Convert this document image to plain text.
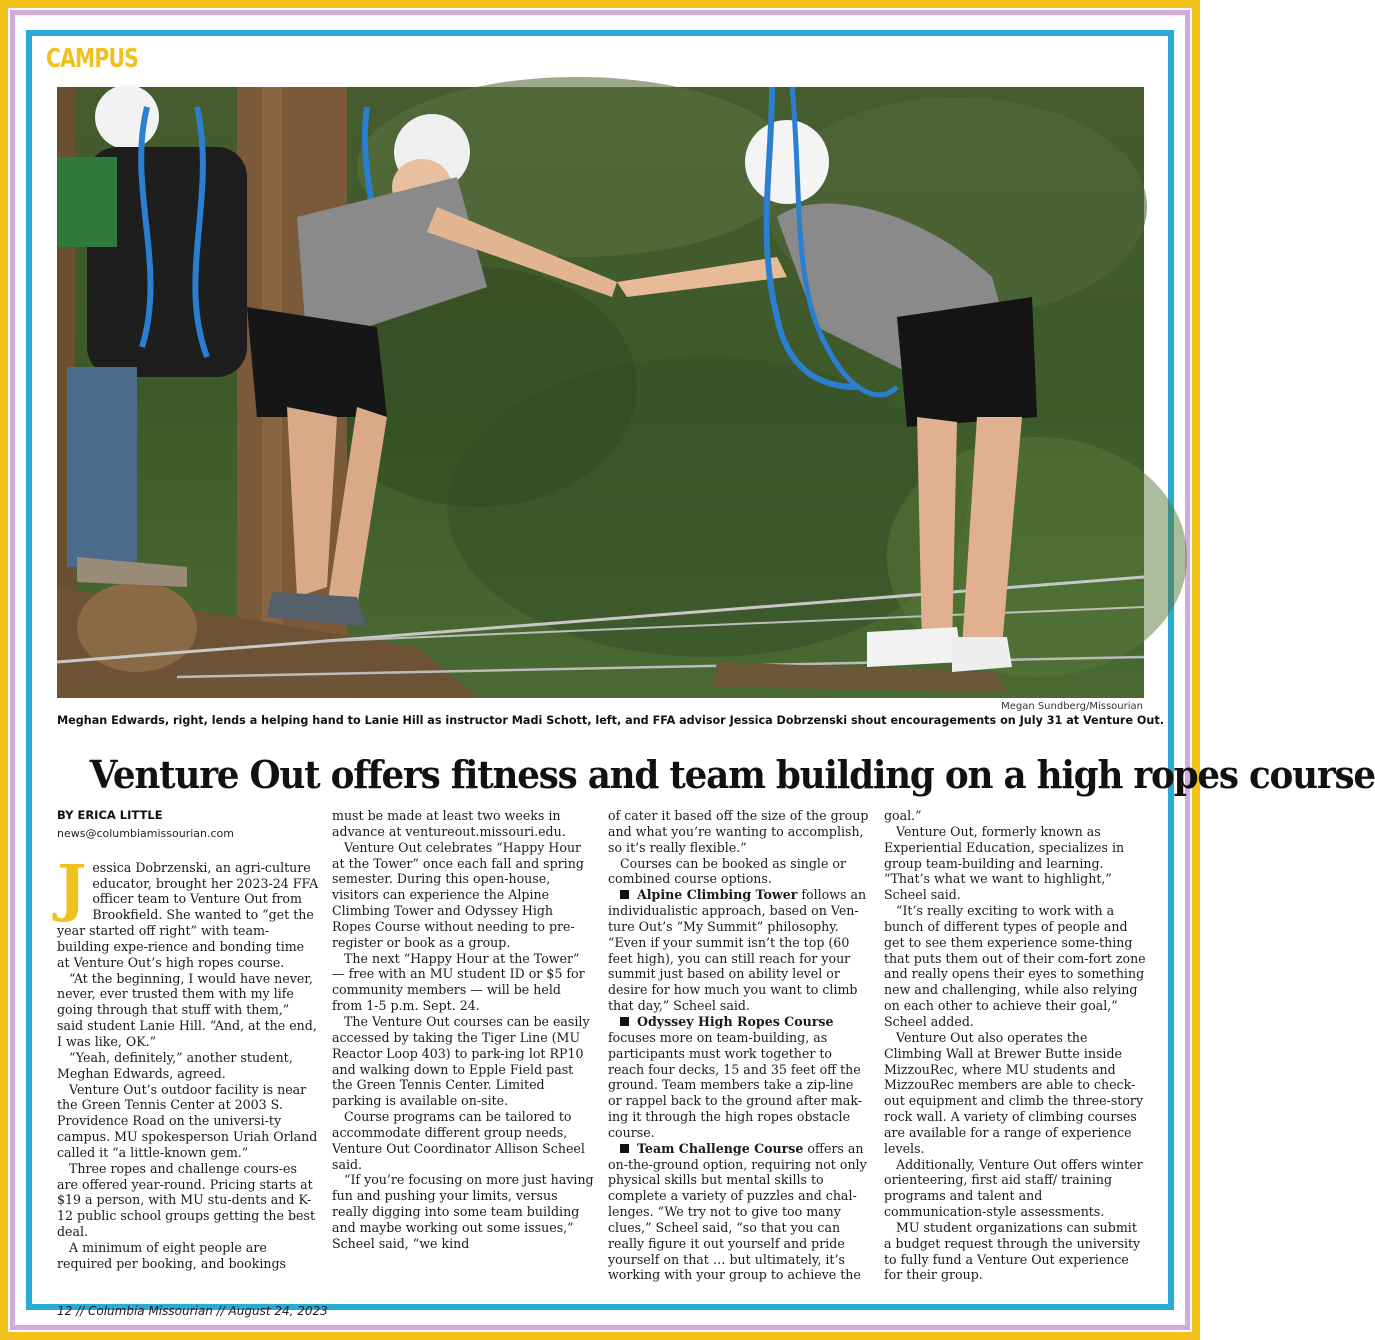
CAMPUS
Megan Sundberg/Missourian
Meghan Edwards, right, lends a helping hand to Lanie Hill as instructor Madi Schott, left, and FFA advisor Jessica Dobrzenski shout encouragements on July 31 at Venture Out.
Venture Out offers fitness and team building on a high ropes course
BY ERICA LITTLE
news@columbiamissourian.com

Jessica Dobrzenski, an agri-culture educator, brought her 2023-24 FFA officer team to Venture Out from Brookfield. She wanted to “get the year started off right” with team-building expe-rience and bonding time at Venture Out’s high ropes course.

“At the beginning, I would have never, never, ever trusted them with my life going through that stuff with them,” said student Lanie Hill. “And, at the end, I was like, OK.”

“Yeah, definitely,” another student, Meghan Edwards, agreed.

Venture Out’s outdoor facility is near the Green Tennis Center at 2003 S. Providence Road on the universi-ty campus. MU spokesperson Uriah Orland called it “a little-known gem.”

Three ropes and challenge cours-es are offered year-round. Pricing starts at $19 a person, with MU stu-dents and K-12 public school groups getting the best deal.

A minimum of eight people are required per booking, and bookings

must be made at least two weeks in advance at ventureout.missouri.edu.

Venture Out celebrates “Happy Hour at the Tower” once each fall and spring semester. During this open-house, visitors can experience the Alpine Climbing Tower and Odyssey High Ropes Course without needing to pre-register or book as a group.

The next “Happy Hour at the Tower” — free with an MU student ID or $5 for community members — will be held from 1-5 p.m. Sept. 24.

The Venture Out courses can be easily accessed by taking the Tiger Line (MU Reactor Loop 403) to park-ing lot RP10 and walking down to Epple Field past the Green Tennis Center. Limited parking is available on-site.

Course programs can be tailored to accommodate different group needs, Venture Out Coordinator Allison Scheel said.

“If you’re focusing on more just having fun and pushing your limits, versus really digging into some team building and maybe working out some issues,” Scheel said, “we kind

of cater it based off the size of the group and what you’re wanting to accomplish, so it’s really flexible.”

Courses can be booked as single or combined course options.

Alpine Climbing Tower follows an individualistic approach, based on Ven-ture Out’s “My Summit” philosophy. “Even if your summit isn’t the top (60 feet high), you can still reach for your summit just based on ability level or desire for how much you want to climb that day,” Scheel said.

Odyssey High Ropes Course focuses more on team-building, as participants must work together to reach four decks, 15 and 35 feet off the ground. Team members take a zip-line or rappel back to the ground after mak-ing it through the high ropes obstacle course.

Team Challenge Course offers an on-the-ground option, requiring not only physical skills but mental skills to complete a variety of puzzles and chal-lenges. “We try not to give too many clues,” Scheel said, “so that you can really figure it out yourself and pride yourself on that … but ultimately, it’s working with your group to achieve the

goal.”

Venture Out, formerly known as Experiential Education, specializes in group team-building and learning. “That’s what we want to highlight,” Scheel said.

“It’s really exciting to work with a bunch of different types of people and get to see them experience some-thing that puts them out of their com-fort zone and really opens their eyes to something new and challenging, while also relying on each other to achieve their goal,” Scheel added.

Venture Out also operates the Climbing Wall at Brewer Butte inside MizzouRec, where MU students and MizzouRec members are able to check-out equipment and climb the three-story rock wall. A variety of climbing courses are available for a range of experience levels.

Additionally, Venture Out offers winter orienteering, first aid staff/ training programs and talent and communication-style assessments.

MU student organizations can submit a budget request through the university to fully fund a Venture Out experience for their group.

12 // Columbia Missourian // August 24, 2023
